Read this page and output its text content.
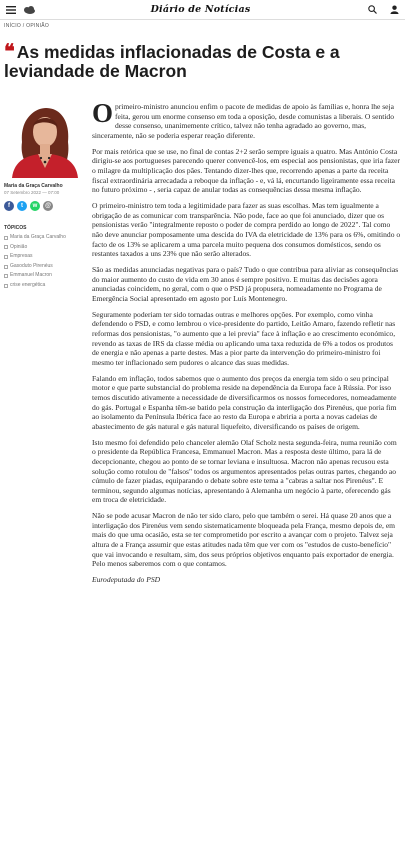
Diário de Notícias
INÍCIO / OPINIÃO
❝ As medidas inflacionadas de Costa e a leviandade de Macron
Maria da Graça Carvalho
07 Setembro 2022 — 07:00
f	t	w	@
TÓPICOS
Maria da Graça Carvalho
Opinião
Empresas
Gasoduto Pirenéus
Emmanuel Macron
crise energética

Oprimeiro-ministro anunciou enfim o pacote de medidas de apoio às famílias e, honra lhe seja feita, gerou um enorme consenso em toda a oposição, desde comunistas a liberais. O sentido desse consenso, unanimemente crítico, talvez não tenha agradado ao governo, mas, sinceramente, não se poderia esperar reação diferente.

Por mais retórica que se use, no final de contas 2+2 serão sempre iguais a quatro. Mas António Costa dirigiu-se aos portugueses parecendo querer convencê-los, em especial aos pensionistas, que iria fazer o milagre da multiplicação dos pães. Tentando dizer-lhes que, recorrendo apenas a parte da receita fiscal extraordinária arrecadada a reboque da inflação - e, vá lá, encurtando ligeiramente essa receita no futuro próximo - , seria capaz de anular todas as consequências dessa mesma inflação.

O primeiro-ministro tem toda a legitimidade para fazer as suas escolhas. Mas tem igualmente a obrigação de as comunicar com transparência. Não pode, face ao que foi anunciado, dizer que os pensionistas verão "integralmente reposto o poder de compra perdido ao longo de 2022". Tal como não deve anunciar pomposamente uma descida do IVA da eletricidade de 13% para os 6%, omitindo o facto de os 13% se aplicarem a uma parcela muito pequena dos consumos domésticos, sendo os restantes taxados a uns 23% que não serão alterados.

São as medidas anunciadas negativas para o país? Tudo o que contribua para aliviar as consequências do maior aumento do custo de vida em 30 anos é sempre positivo. E muitas das decisões agora anunciadas coincidem, no geral, com o que o PSD já propusera, nomeadamente no Programa de Emergência Social apresentado em agosto por Luís Montenegro.

Seguramente poderiam ter sido tornadas outras e melhores opções. Por exemplo, como vinha defendendo o PSD, e como lembrou o vice-presidente do partido, Leitão Amaro, fazendo refletir nas reformas dos pensionistas, "o aumento que a lei previa" face à inflação e ao crescimento económico, revendo as taxas de IRS da classe média ou aplicando uma taxa reduzida de 6% a todos os produtos de energia e não apenas a parte destes. Mas a pior parte da intervenção do primeiro-ministro foi mesmo ter inflacionado sem pudores o alcance das suas medidas.

Falando em inflação, todos sabemos que o aumento dos preços da energia tem sido o seu principal motor e que parte substancial do problema reside na dependência da Europa face à Rússia. Por isso temos discutido ativamente a necessidade de diversificarmos os nossos fornecedores, nomeadamente do gás. Portugal e Espanha têm-se batido pela construção da interligação dos Pirenéus, que poria fim ao isolamento da Península Ibérica face ao resto da Europa e abriria a porta a novas cadeias de abastecimento de gás natural e gás natural liquefeito, diversificando os países de origem.

Isto mesmo foi defendido pelo chanceler alemão Olaf Scholz nesta segunda-feira, numa reunião com o presidente da República Francesa, Emmanuel Macron. Mas a resposta deste último, para lá de decepcionante, chegou ao ponto de se tornar leviana e insultuosa. Macron não apenas recusou esta solução como rotulou de "falsos" todos os argumentos apresentados pelas outras partes, chegando ao cúmulo de fazer piadas, equiparando o debate sobre este tema a "cabras a saltar nos Pirenéus". E terminou, segundo algumas notícias, apresentando à Alemanha um negócio à parte, oferecendo gás em troca de eletricidade.

Não se pode acusar Macron de não ter sido claro, pelo que também o serei. Há quase 20 anos que a interligação dos Pirenéus vem sendo sistematicamente bloqueada pela França, mesmo depois de, em mais do que uma ocasião, esta se ter comprometido por escrito a avançar com o projeto. Talvez seja altura de a França assumir que estas atitudes nada têm que ver com os "estudos de custo-benefício" que vai invocando e resultam, sim, dos seus próprios objetivos enquanto país exportador de energia. Pelo menos saberemos com o que contamos.

Eurodeputada do PSD
